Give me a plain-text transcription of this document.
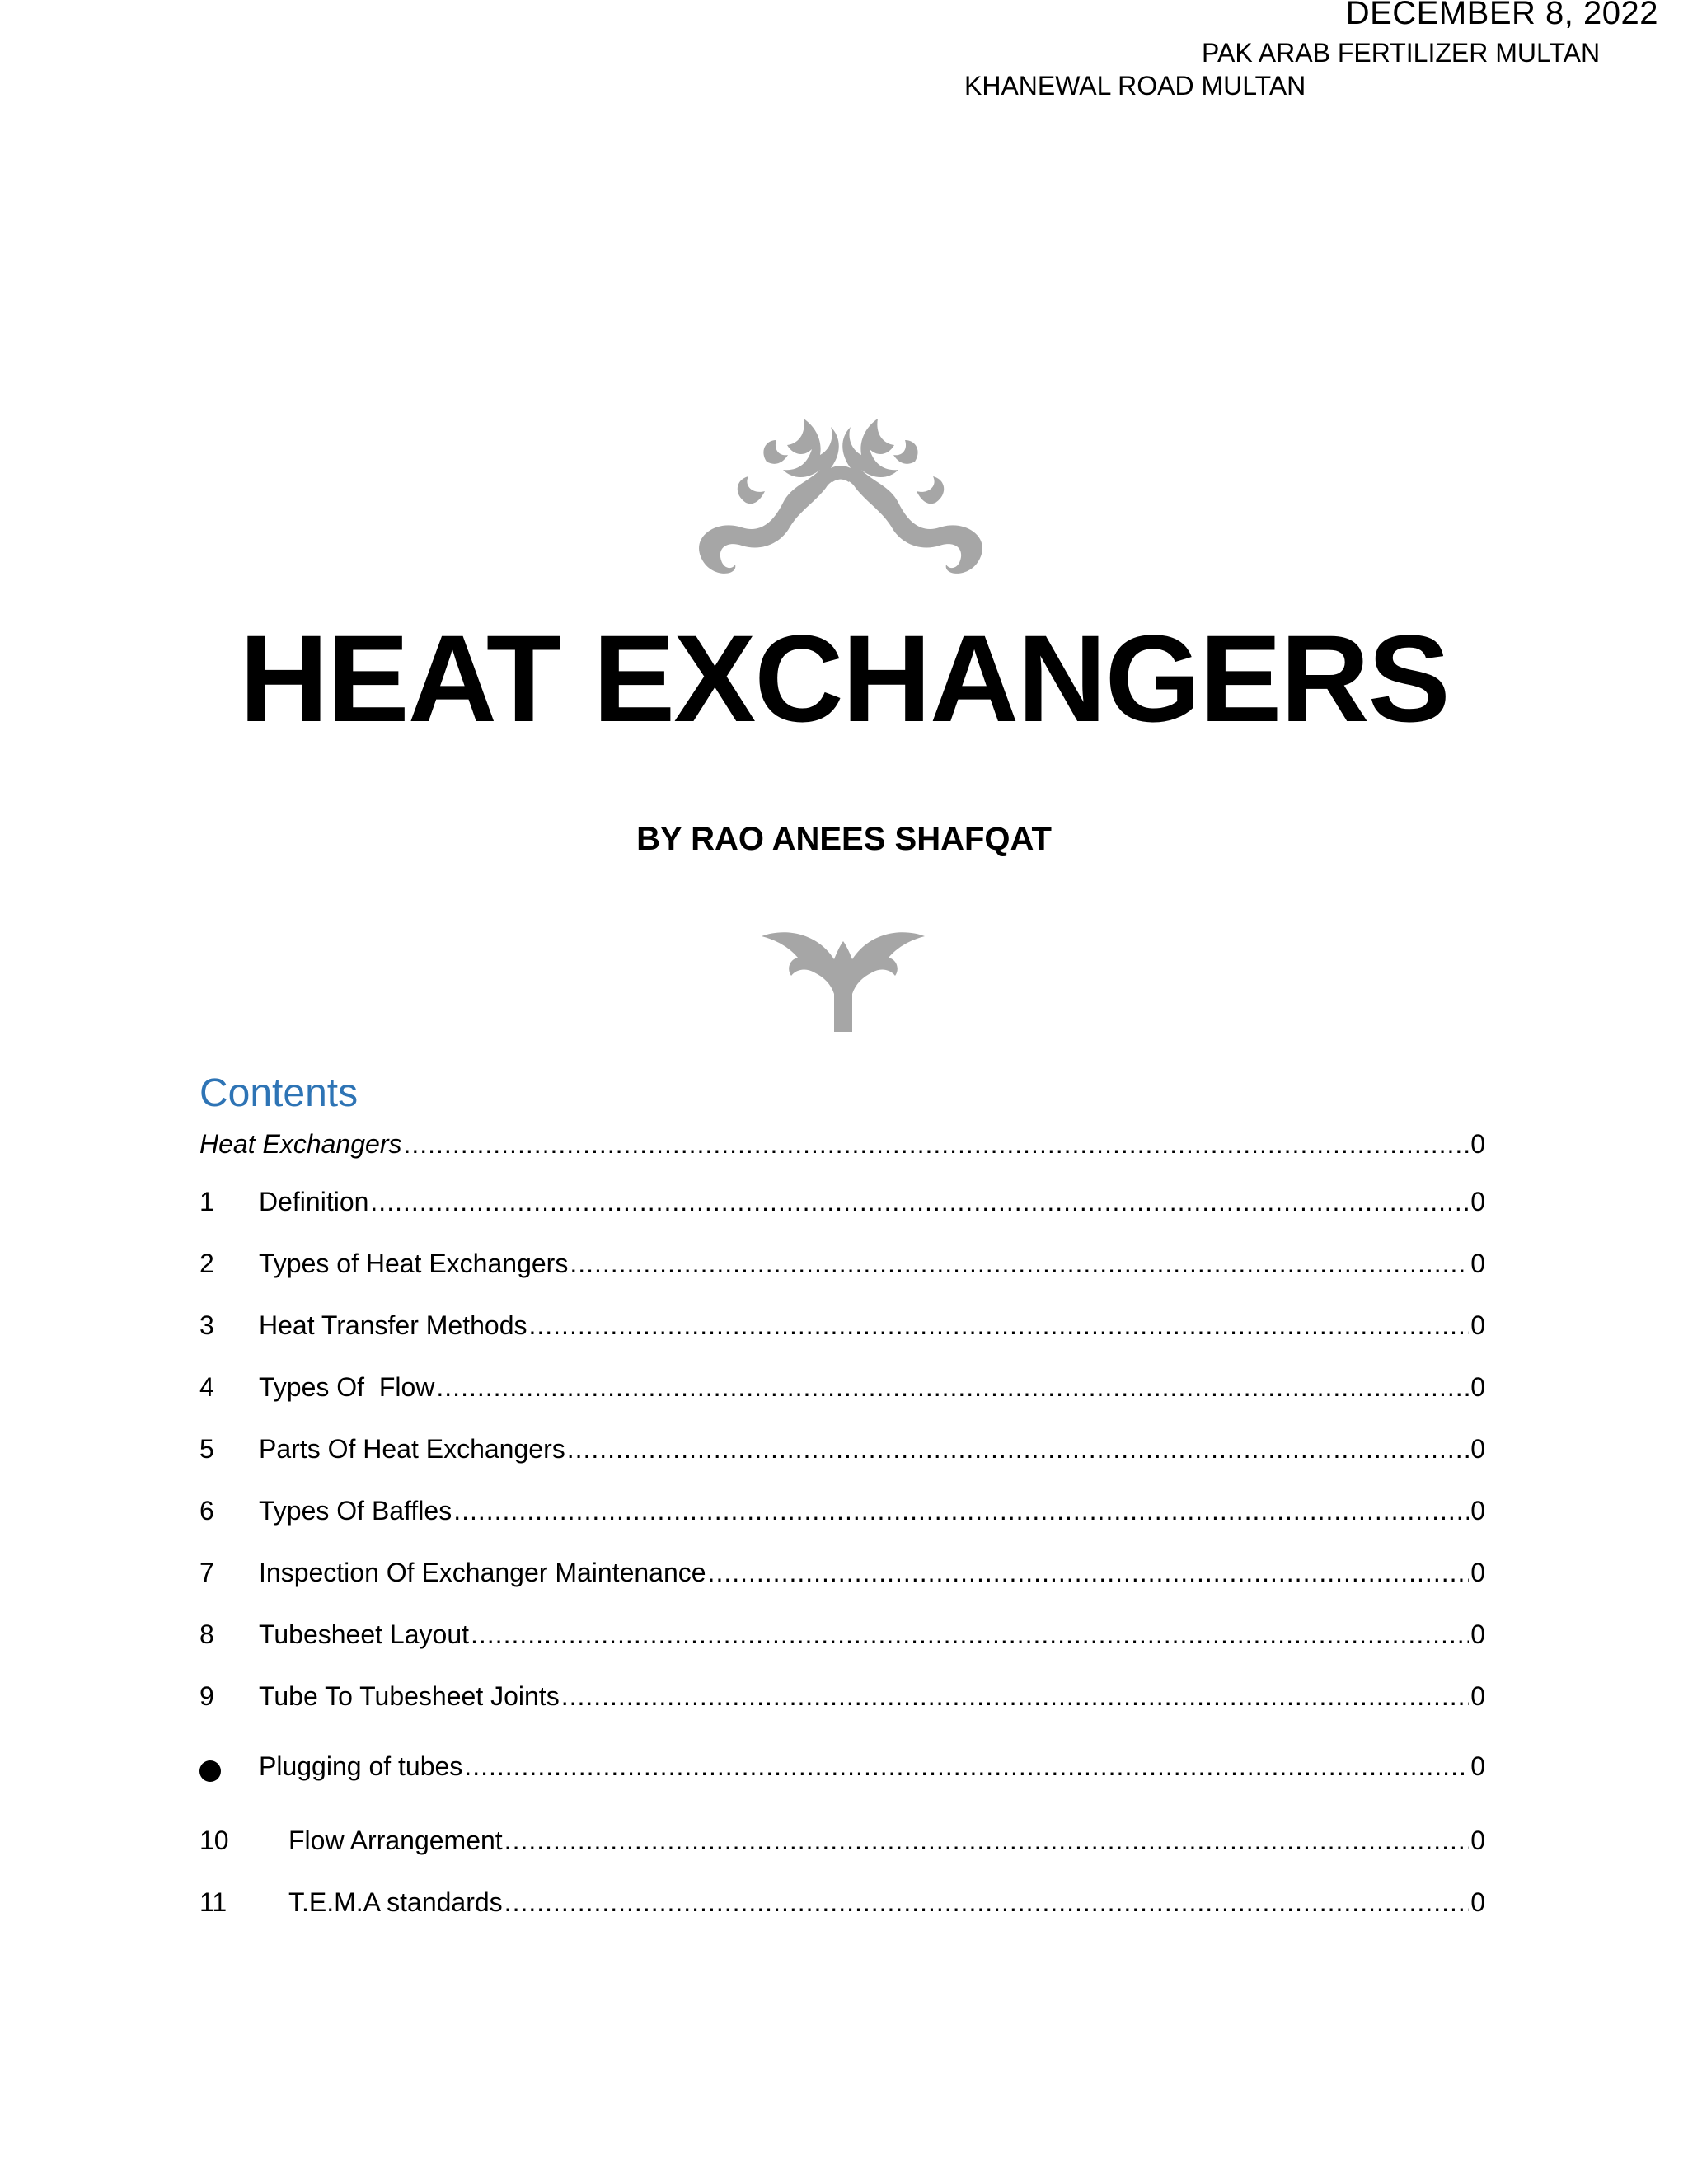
DECEMBER 8, 2022
PAK ARAB FERTILIZER MULTAN
KHANEWAL ROAD MULTAN
HEAT EXCHANGERS
BY RAO ANEES SHAFQAT
Contents
Heat Exchangers .....	0
1	Definition .....	0
2	Types of Heat Exchangers .....	0
3	Heat Transfer Methods .....	0
4	Types Of  Flow .....	0
5	Parts Of Heat Exchangers .....	0
6	Types Of Baffles .....	0
7	Inspection Of Exchanger Maintenance .....	0
8	Tubesheet Layout .....	0
9	Tube To Tubesheet Joints .....	0
Plugging of tubes .....	0
10	Flow Arrangement .....	0
11	T.E.M.A standards .....	0
